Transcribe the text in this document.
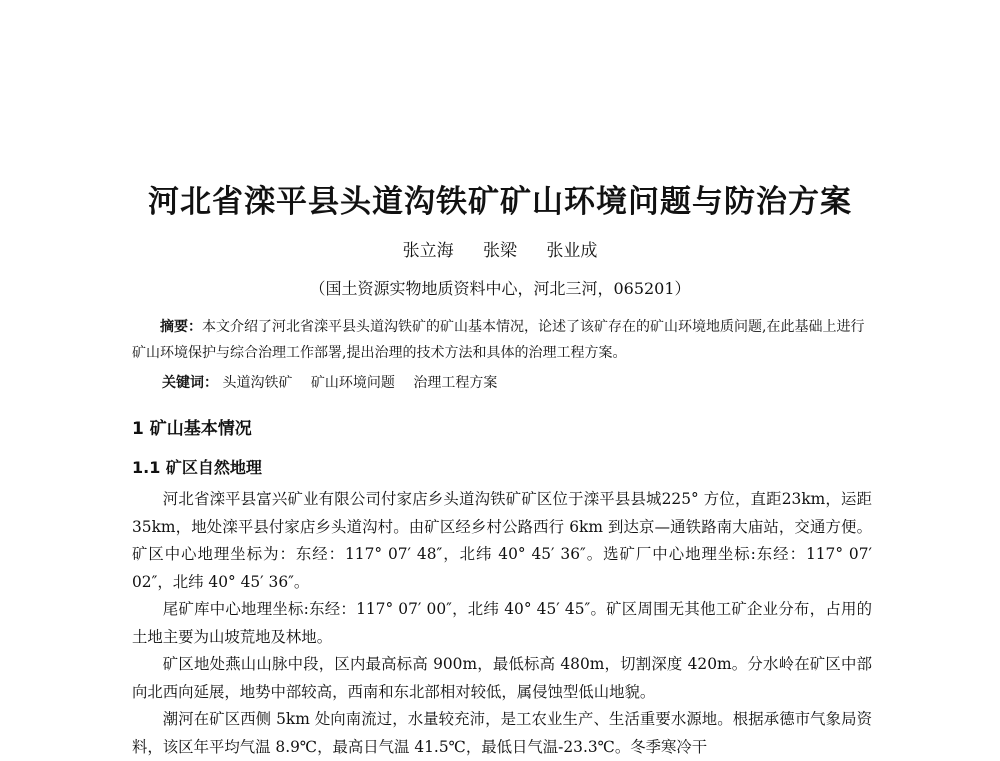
河北省滦平县头道沟铁矿矿山环境问题与防治方案
张立海 张梁 张业成
（国土资源实物地质资料中心，河北三河，065201）
摘要：本文介绍了河北省滦平县头道沟铁矿的矿山基本情况，论述了该矿存在的矿山环境地质问题,在此基础上进行矿山环境保护与综合治理工作部署,提出治理的技术方法和具体的治理工程方案。
关键词： 头道沟铁矿 矿山环境问题 治理工程方案
1 矿山基本情况
1.1 矿区自然地理

河北省滦平县富兴矿业有限公司付家店乡头道沟铁矿矿区位于滦平县县城225° 方位，直距23km，运距 35km，地处滦平县付家店乡头道沟村。由矿区经乡村公路西行 6km 到达京—通铁路南大庙站，交通方便。矿区中心地理坐标为：东经：117° 07′ 48″，北纬 40° 45′ 36″。选矿厂中心地理坐标:东经：117° 07′ 02″，北纬 40° 45′ 36″。

尾矿库中心地理坐标:东经：117° 07′ 00″，北纬 40° 45′ 45″。矿区周围无其他工矿企业分布，占用的土地主要为山坡荒地及林地。

矿区地处燕山山脉中段，区内最高标高 900m，最低标高 480m，切割深度 420m。分水岭在矿区中部向北西向延展，地势中部较高，西南和东北部相对较低，属侵蚀型低山地貌。

潮河在矿区西侧 5km 处向南流过，水量较充沛，是工农业生产、生活重要水源地。根据承德市气象局资料，该区年平均气温 8.9℃，最高日气温 41.5℃，最低日气温-23.3℃。冬季寒冷干
